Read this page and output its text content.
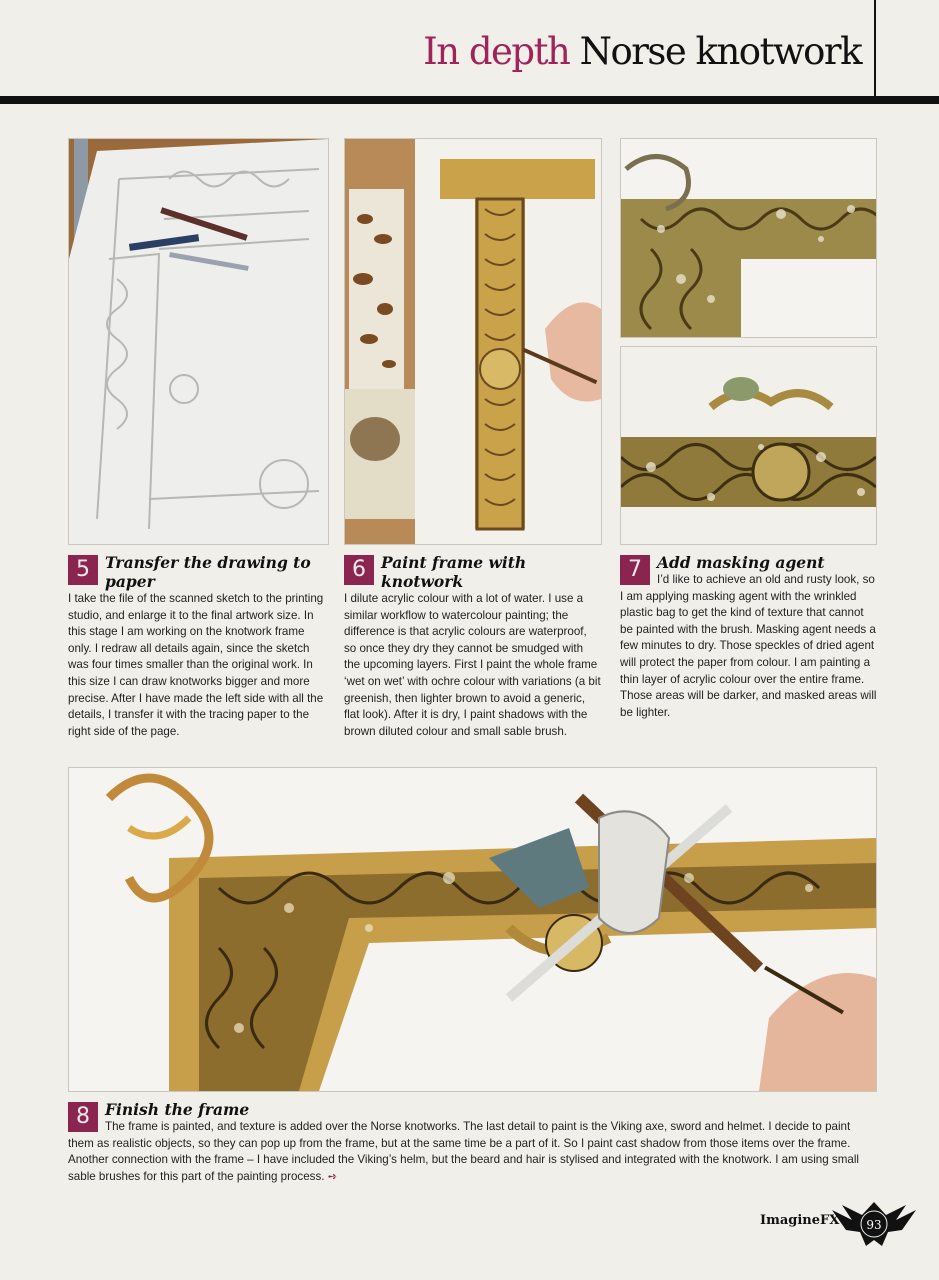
In depth Norse knotwork
5 Transfer the drawing to paper

I take the file of the scanned sketch to the printing studio, and enlarge it to the final artwork size. In this stage I am working on the knotwork frame only. I redraw all details again, since the sketch was four times smaller than the original work. In this size I can draw knotworks bigger and more precise. After I have made the left side with all the details, I transfer it with the tracing paper to the right side of the page.

6 Paint frame with knotwork

I dilute acrylic colour with a lot of water. I use a similar workflow to watercolour painting; the difference is that acrylic colours are waterproof, so once they dry they cannot be smudged with the upcoming layers. First I paint the whole frame ‘wet on wet’ with ochre colour with variations (a bit greenish, then lighter brown to avoid a generic, flat look). After it is dry, I paint shadows with the brown diluted colour and small sable brush.

7 Add masking agent

I’d like to achieve an old and rusty look, so I am applying masking agent with the wrinkled plastic bag to get the kind of texture that cannot be painted with the brush. Masking agent needs a few minutes to dry. Those speckles of dried agent will protect the paper from colour. I am painting a thin layer of acrylic colour over the entire frame. Those areas will be darker, and masked areas will be lighter.

8 Finish the frame

The frame is painted, and texture is added over the Norse knotworks. The last detail to paint is the Viking axe, sword and helmet. I decide to paint them as realistic objects, so they can pop up from the frame, but at the same time be a part of it. So I paint cast shadow from those items over the frame. Another connection with the frame – I have included the Viking’s helm, but the beard and hair is stylised and integrated with the knotwork. I am using small sable brushes for this part of the painting process. ➺

ImagineFX 93
